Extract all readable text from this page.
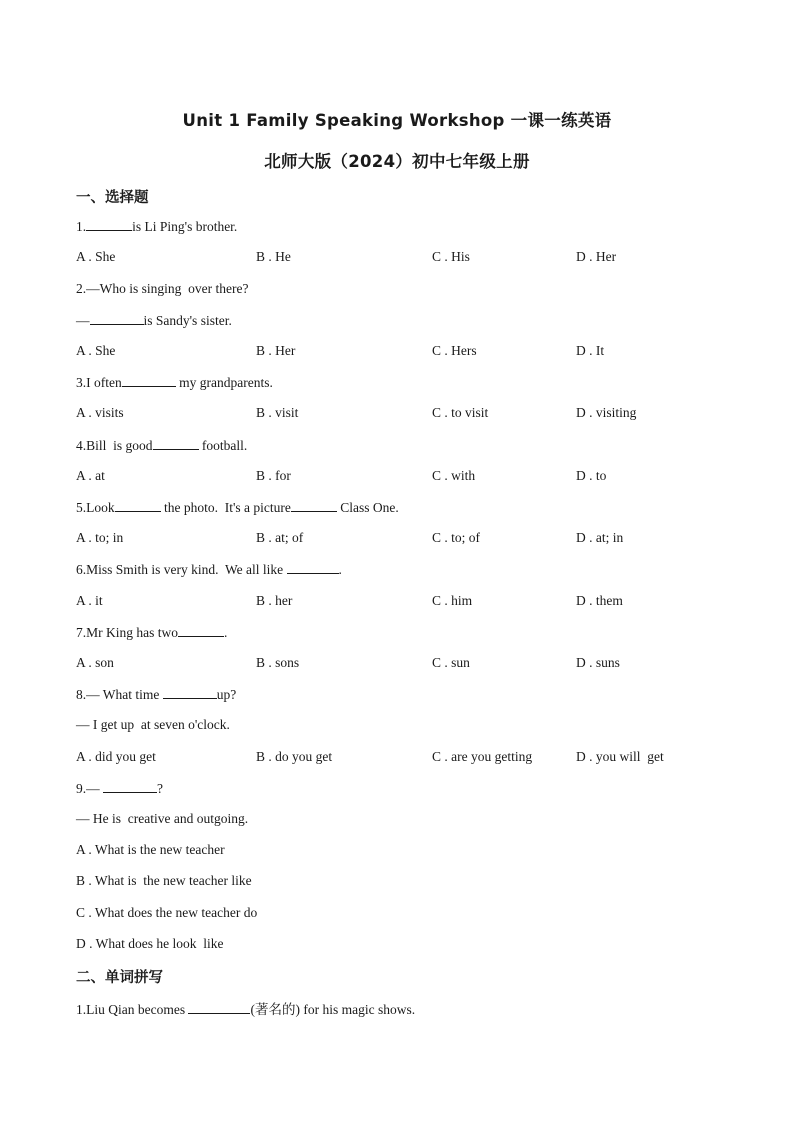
Unit 1 Family Speaking Workshop 一课一练英语
北师大版（2024）初中七年级上册
一、选择题
1.	is Li Ping's brother.
A . She	B . He	C . His	D . Her
2.—Who is singing  over there?
—	is Sandy's sister.
A . She	B . Her	C . Hers	D . It
3.I often	my grandparents.
A . visits	B . visit	C . to visit	D . visiting
4.Bill  is good	football.
A . at	B . for	C . with	D . to
5.Look	the photo.  It's a picture	Class One.
A . to; in	B . at; of	C . to; of	D . at; in
6.Miss Smith is very kind.  We all like	.
A . it	B . her	C . him	D . them
7.Mr King has two	.
A . son	B . sons	C . sun	D . suns
8.— What time	up?
— I get up  at seven o'clock.
A . did you get	B . do you get	C . are you getting	D . you will  get
9.—	?
— He is  creative and outgoing.
A . What is the new teacher
B . What is  the new teacher like
C . What does the new teacher do
D . What does he look  like
二、单词拼写
1.Liu Qian becomes	(著名的) for his magic shows.
